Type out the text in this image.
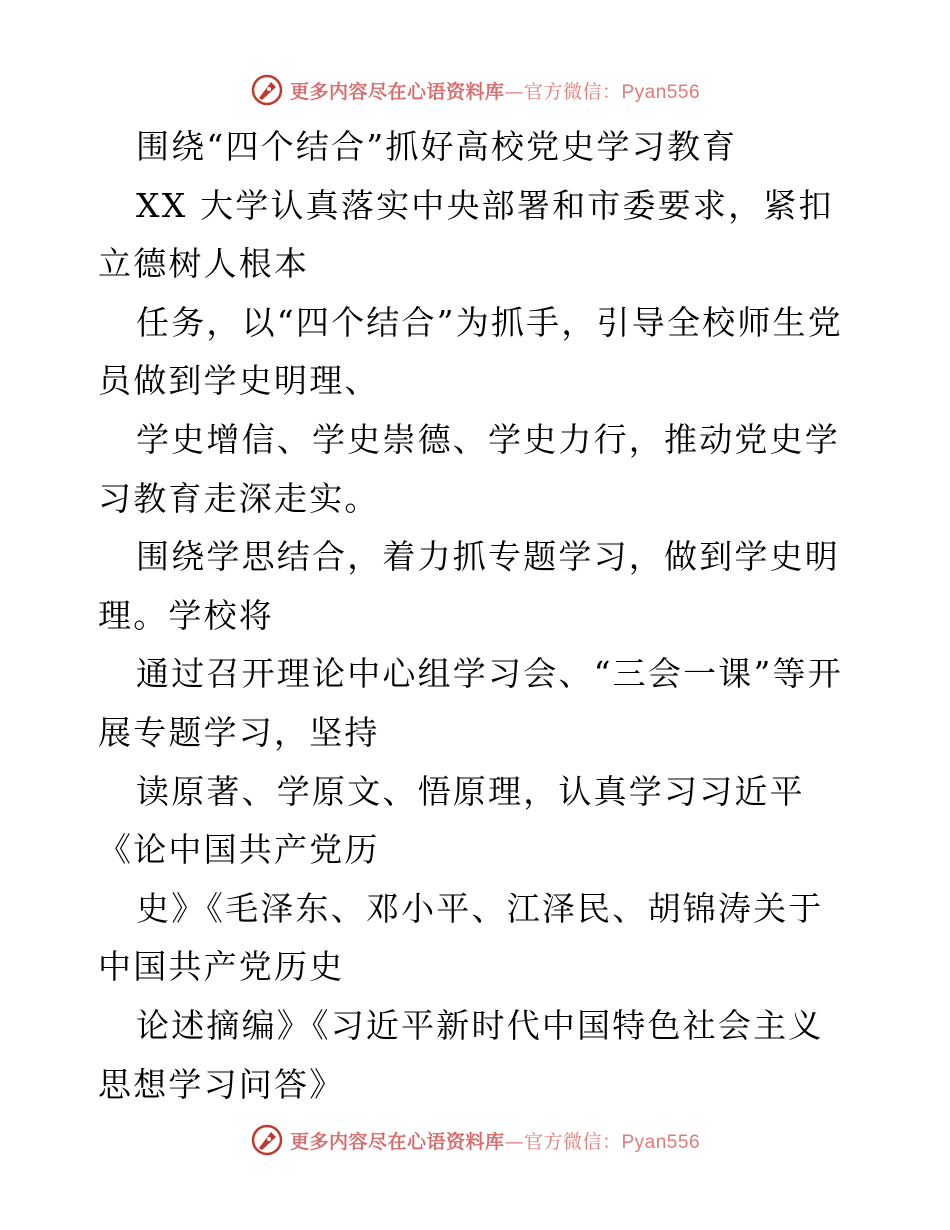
更多内容尽在心语资料库—官方微信：Pyan556

围绕“四个结合”抓好高校党史学习教育

XX 大学认真落实中央部署和市委要求，紧扣立德树人根本

任务，以“四个结合”为抓手，引导全校师生党员做到学史明理、

学史增信、学史崇德、学史力行，推动党史学习教育走深走实。

围绕学思结合，着力抓专题学习，做到学史明理。学校将

通过召开理论中心组学习会、“三会一课”等开展专题学习，坚持

读原著、学原文、悟原理，认真学习习近平《论中国共产党历

史》《毛泽东、邓小平、江泽民、胡锦涛关于中国共产党历史

论述摘编》《习近平新时代中国特色社会主义思想学习问答》

更多内容尽在心语资料库—官方微信：Pyan556
